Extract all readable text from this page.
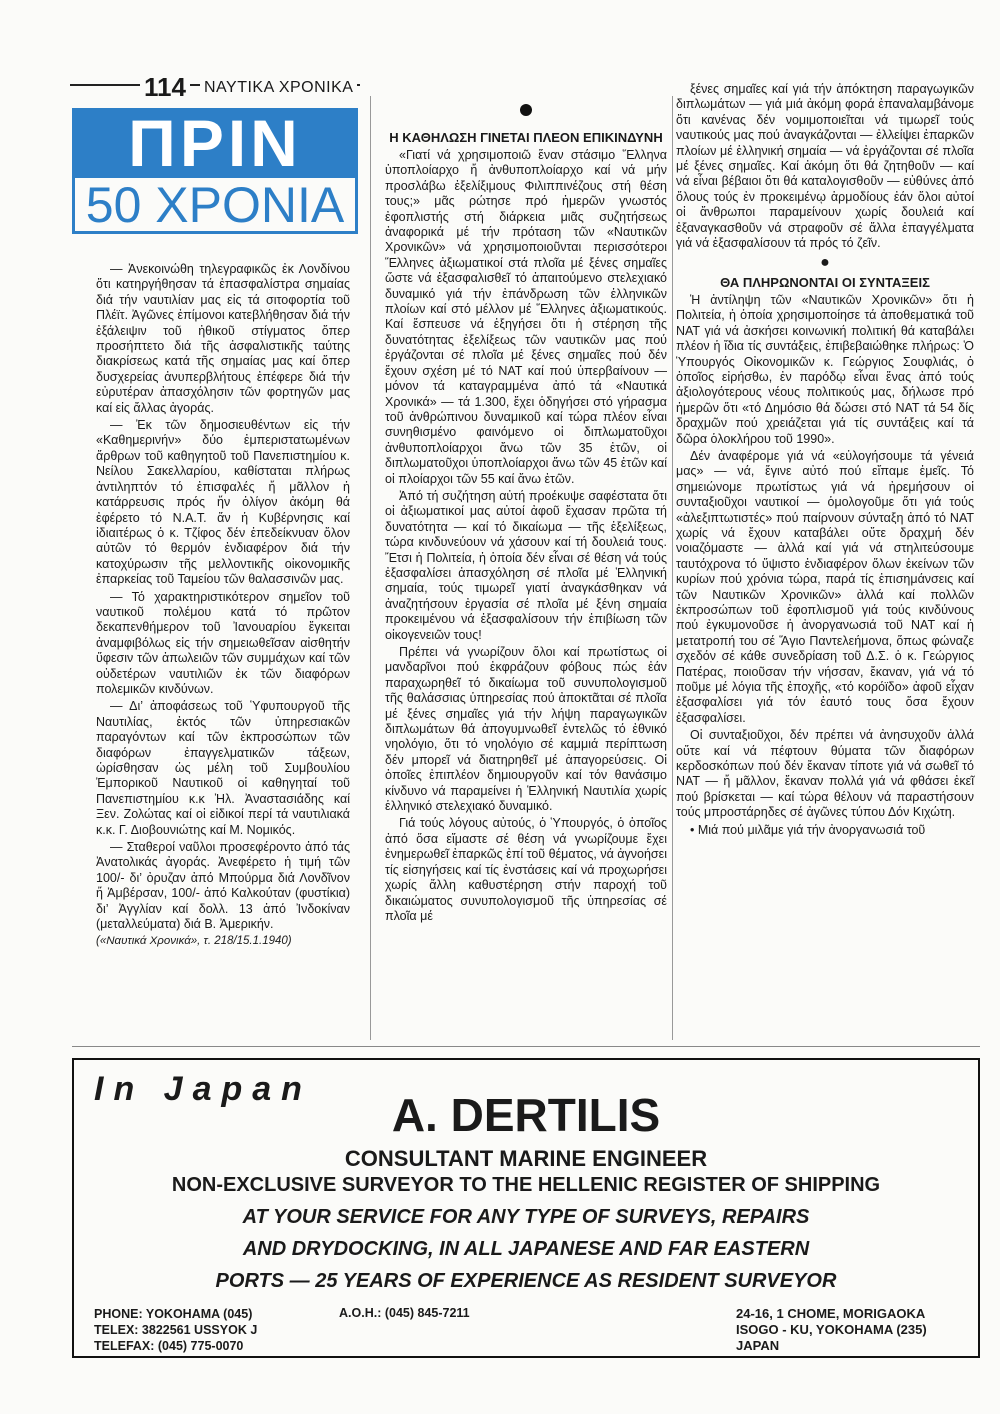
114 ΝΑΥΤΙΚΑ ΧΡΟΝΙΚΑ
ΠΡΙΝ
50 ΧΡΟΝΙΑ

— Ἀνεκοινώθη τηλεγραφικῶς ἐκ Λονδίνου ὅτι κατηργήθησαν τά ἐπασφαλίστρα σημαίας διά τήν ναυτιλίαν μας εἰς τά σιτοφορτία τοῦ Πλέϊτ. Ἀγῶνες ἐπίμονοι κατεβλήθησαν διά τήν ἐξάλειψιν τοῦ ἠθικοῦ στίγματος ὅπερ προσήπτετο διά τῆς ἀσφαλιστικῆς ταύτης διακρίσεως κατά τῆς σημαίας μας καί ὅπερ δυσχερείας ἀνυπερβλήτους ἐπέφερε διά τήν εὐρυτέραν ἀπασχόλησιν τῶν φορτηγῶν μας καί εἰς ἄλλας ἀγοράς.

— Ἐκ τῶν δημοσιευθέντων εἰς τήν «Καθημερινήν» δύο ἐμπεριστατωμένων ἄρθρων τοῦ καθηγητοῦ τοῦ Πανεπιστημίου κ. Νείλου Σακελλαρίου, καθίσταται πλήρως ἀντιληπτόν τό ἐπισφαλές ἤ μᾶλλον ἡ κατάρρευσις πρός ἥν ὀλίγον ἀκόμη θά ἐφέρετο τό Ν.Α.Τ. ἄν ἡ Κυβέρνησις καί ἰδιαιτέρως ὁ κ. Τζίφος δέν ἐπεδείκνυαν ὅλον αὐτῶν τό θερμόν ἐνδιαφέρον διά τήν κατοχύρωσιν τῆς μελλοντικῆς οἰκονομικῆς ἐπαρκείας τοῦ Ταμείου τῶν θαλασσινῶν μας.

— Τό χαρακτηριστικότερον σημεῖον τοῦ ναυτικοῦ πολέμου κατά τό πρῶτον δεκαπενθήμερον τοῦ Ἰανουαρίου ἔγκειται ἀναμφιβόλως εἰς τήν σημειωθεῖσαν αἰσθητήν ὕφεσιν τῶν ἀπωλειῶν τῶν συμμάχων καί τῶν οὐδετέρων ναυτιλιῶν ἐκ τῶν διαφόρων πολεμικῶν κινδύνων.

— Δι’ ἀποφάσεως τοῦ Ὑφυπουργοῦ τῆς Ναυτιλίας, ἐκτός τῶν ὑπηρεσιακῶν παραγόντων καί τῶν ἐκπροσώπων τῶν διαφόρων ἐπαγγελματικῶν τάξεων, ὡρίσθησαν ὡς μέλη τοῦ Συμβουλίου Ἐμπορικοῦ Ναυτικοῦ οἱ καθηγηταί τοῦ Πανεπιστημίου κ.κ Ἠλ. Ἀναστασιάδης καί Ξεν. Ζολώτας καί οἱ εἰδικοί περί τά ναυτιλιακά κ.κ. Γ. Διοβουνιώτης καί Μ. Νομικός.

— Σταθεροί ναῦλοι προσεφέροντο ἀπό τάς Ἀνατολικάς ἀγοράς. Ἀνεφέρετο ἡ τιμή τῶν 100/- δι’ ὀρυζαν ἀπό Μπούρμα διά Λονδῖνον ἤ Ἀμβέρσαν, 100/- ἀπό Καλκούταν (φυστίκια) δι’ Ἀγγλίαν καί δολλ. 13 ἀπό Ἰνδοκίναν (μεταλλεύματα) διά Β. Ἀμερικήν.

(«Ναυτικά Χρονικά», τ. 218/15.1.1940)

Η ΚΑΘΗΛΩΣΗ ΓΙΝΕΤΑΙ ΠΛΕΟΝ ΕΠΙΚΙΝΔΥΝΗ

«Γιατί νά χρησιμοποιῶ ἕναν στάσιμο Ἕλληνα ὑποπλοίαρχο ἤ ἀνθυποπλοίαρχο καί νά μήν προσλάβω ἐξελίξιμους Φιλιππινέζους στή θέση τους;» μᾶς ρώτησε πρό ἡμερῶν γνωστός ἐφοπλιστής στή διάρκεια μιᾶς συζητήσεως ἀναφορικά μέ τήν πρόταση τῶν «Ναυτικῶν Χρονικῶν» νά χρησιμοποιοῦνται περισσότεροι Ἕλληνες ἀξιωματικοί στά πλοῖα μέ ξένες σημαῖες ὥστε νά ἐξασφαλισθεῖ τό ἀπαιτούμενο στελεχιακό δυναμικό γιά τήν ἐπάνδρωση τῶν ἑλληνικῶν πλοίων καί στό μέλλον μέ Ἕλληνες ἀξιωματικούς. Καί ἔσπευσε νά ἐξηγήσει ὅτι ἡ στέρηση τῆς δυνατότητας ἐξελίξεως τῶν ναυτικῶν μας πού ἐργάζονται σέ πλοῖα μέ ξένες σημαῖες πού δέν ἔχουν σχέση μέ τό ΝΑΤ καί πού ὑπερβαίνουν — μόνον τά καταγραμμένα ἀπό τά «Ναυτικά Χρονικά» — τά 1.300, ἔχει ὁδηγήσει στό γήρασμα τοῦ ἀνθρώπινου δυναμικοῦ καί τώρα πλέον εἶναι συνηθισμένο φαινόμενο οἱ διπλωματοῦχοι ἀνθυποπλοίαρχοι ἄνω τῶν 35 ἐτῶν, οἱ διπλωματοῦχοι ὑποπλοίαρχοι ἄνω τῶν 45 ἐτῶν καί οἱ πλοίαρχοι τῶν 55 καί ἄνω ἐτῶν.

Ἀπό τή συζήτηση αὐτή προέκυψε σαφέστατα ὅτι οἱ ἀξιωματικοί μας αὐτοί ἀφοῦ ἔχασαν πρῶτα τή δυνατότητα — καί τό δικαίωμα — τῆς ἐξελίξεως, τώρα κινδυνεύουν νά χάσουν καί τή δουλειά τους. Ἔτσι ἡ Πολιτεία, ἡ ὁποία δέν εἶναι σέ θέση νά τούς ἐξασφαλίσει ἀπασχόληση σέ πλοῖα μέ Ἑλληνική σημαία, τούς τιμωρεῖ γιατί ἀναγκάσθηκαν νά ἀναζητήσουν ἐργασία σέ πλοῖα μέ ξένη σημαία προκειμένου νά ἐξασφαλίσουν τήν ἐπιβίωση τῶν οἰκογενειῶν τους!

Πρέπει νά γνωρίζουν ὅλοι καί πρωτίστως οἱ μανδαρῖνοι πού ἐκφράζουν φόβους πώς ἐάν παραχωρηθεῖ τό δικαίωμα τοῦ συνυπολογισμοῦ τῆς θαλάσσιας ὑπηρεσίας πού ἀποκτᾶται σέ πλοῖα μέ ξένες σημαῖες γιά τήν λήψη παραγωγικῶν διπλωμάτων θά ἀπογυμνωθεῖ ἐντελῶς τό ἐθνικό νηολόγιο, ὅτι τό νηολόγιο σέ καμμιά περίπτωση δέν μπορεῖ νά διατηρηθεῖ μέ ἀπαγορεύσεις. Οἱ ὁποῖες ἐπιπλέον δημιουργοῦν καί τόν θανάσιμο κίνδυνο νά παραμείνει ἡ Ἑλληνική Ναυτιλία χωρίς ἑλληνικό στελεχιακό δυναμικό.

Γιά τούς λόγους αὐτούς, ὁ Ὑπουργός, ὁ ὁποῖος ἀπό ὅσα εἴμαστε σέ θέση νά γνωρίζουμε ἔχει ἐνημερωθεῖ ἐπαρκῶς ἐπί τοῦ θέματος, νά ἀγνοήσει τίς εἰσηγήσεις καί τίς ἐνστάσεις καί νά προχωρήσει χωρίς ἄλλη καθυστέρηση στήν παροχή τοῦ δικαιώματος συνυπολογισμοῦ τῆς ὑπηρεσίας σέ πλοῖα μέ

ξένες σημαῖες καί γιά τήν ἀπόκτηση παραγωγικῶν διπλωμάτων — γιά μιά ἀκόμη φορά ἐπαναλαμβάνομε ὅτι κανένας δέν νομιμοποιεῖται νά τιμωρεῖ τούς ναυτικούς μας πού ἀναγκάζονται — ἐλλείψει ἐπαρκῶν πλοίων μέ ἑλληνική σημαία — νά ἐργάζονται σέ πλοῖα μέ ξένες σημαῖες. Καί ἀκόμη ὅτι θά ζητηθοῦν — καί νά εἶναι βέβαιοι ὅτι θά καταλογισθοῦν — εὐθύνες ἀπό ὅλους τούς ἐν προκειμένῳ ἁρμοδίους ἐάν ὅλοι αὐτοί οἱ ἄνθρωποι παραμείνουν χωρίς δουλειά καί ἐξαναγκασθοῦν νά στραφοῦν σέ ἄλλα ἐπαγγέλματα γιά νά ἐξασφαλίσουν τά πρός τό ζεῖν.

●

ΘΑ ΠΛΗΡΩΝΟΝΤΑΙ ΟΙ ΣΥΝΤΑΞΕΙΣ

Ἡ ἀντίληψη τῶν «Ναυτικῶν Χρονικῶν» ὅτι ἡ Πολιτεία, ἡ ὁποία χρησιμοποίησε τά ἀποθεματικά τοῦ ΝΑΤ γιά νά ἀσκήσει κοινωνική πολιτική θά καταβάλει πλέον ἡ ἴδια τίς συντάξεις, ἐπιβεβαιώθηκε πλήρως: Ὁ Ὑπουργός Οἰκονομικῶν κ. Γεώργιος Σουφλιάς, ὁ ὁποῖος εἰρήσθω, ἐν παρόδῳ εἶναι ἕνας ἀπό τούς ἀξιολογότερους νέους πολιτικούς μας, δήλωσε πρό ἡμερῶν ὅτι «τό Δημόσιο θά δώσει στό ΝΑΤ τά 54 δίς δραχμῶν πού χρειάζεται γιά τίς συντάξεις καί τά δῶρα ὁλοκλήρου τοῦ 1990».

Δέν ἀναφέρομε γιά νά «εὐλογήσουμε τά γένειά μας» — νά, ἔγινε αὐτό πού εἴπαμε ἐμεῖς. Τό σημειώνομε πρωτίστως γιά νά ἠρεμήσουν οἱ συνταξιοῦχοι ναυτικοί — ὁμολογοῦμε ὅτι γιά τούς «ἀλεξιπτωτιστές» πού παίρνουν σύνταξη ἀπό τό ΝΑΤ χωρίς νά ἔχουν καταβάλει οὔτε δραχμή δέν νοιαζόμαστε — ἀλλά καί γιά νά στηλιτεύσουμε ταυτόχρονα τό ὕψιστο ἐνδιαφέρον ὅλων ἐκείνων τῶν κυρίων πού χρόνια τώρα, παρά τίς ἐπισημάνσεις καί τῶν Ναυτικῶν Χρονικῶν» ἀλλά καί πολλῶν ἐκπροσώπων τοῦ ἐφοπλισμοῦ γιά τούς κινδύνους πού ἐγκυμονοῦσε ἡ ἀνοργανωσιά τοῦ ΝΑΤ καί ἡ μετατροπή του σέ Ἅγιο Παντελεήμονα, ὅπως φώναζε σχεδόν σέ κάθε συνεδρίαση τοῦ Δ.Σ. ὁ κ. Γεώργιος Πατέρας, ποιοῦσαν τήν νήσσαν, ἔκαναν, γιά νά τό ποῦμε μέ λόγια τῆς ἐποχῆς, «τό κορόϊδο» ἀφοῦ εἶχαν ἐξασφαλίσει γιά τόν ἑαυτό τους ὅσα ἔχουν ἐξασφαλίσει.

Οἱ συνταξιοῦχοι, δέν πρέπει νά ἀνησυχοῦν ἀλλά οὔτε καί νά πέφτουν θύματα τῶν διαφόρων κερδοσκόπων πού δέν ἔκαναν τίποτε γιά νά σωθεῖ τό ΝΑΤ — ἤ μᾶλλον, ἔκαναν πολλά γιά νά φθάσει ἐκεῖ πού βρίσκεται — καί τώρα θέλουν νά παραστήσουν τούς μπροστάρηδες σέ ἀγῶνες τύπου Δόν Κιχώτη.

• Μιά πού μιλᾶμε γιά τήν ἀνοργανωσιά τοῦ

In Japan	A. DERTILIS
CONSULTANT MARINE ENGINEER
NON-EXCLUSIVE SURVEYOR TO THE HELLENIC REGISTER OF SHIPPING
AT YOUR SERVICE FOR ANY TYPE OF SURVEYS, REPAIRS
AND DRYDOCKING, IN ALL JAPANESE AND FAR EASTERN
PORTS — 25 YEARS OF EXPERIENCE AS RESIDENT SURVEYOR
PHONE: YOKOHAMA (045)
TELEX: 3822561 USSYOK J
TELEFAX: (045) 775-0070
A.O.H.: (045) 845-7211	24-16, 1 CHOME, MORIGAOKA
ISOGO - KU, YOKOHAMA (235)
JAPAN
